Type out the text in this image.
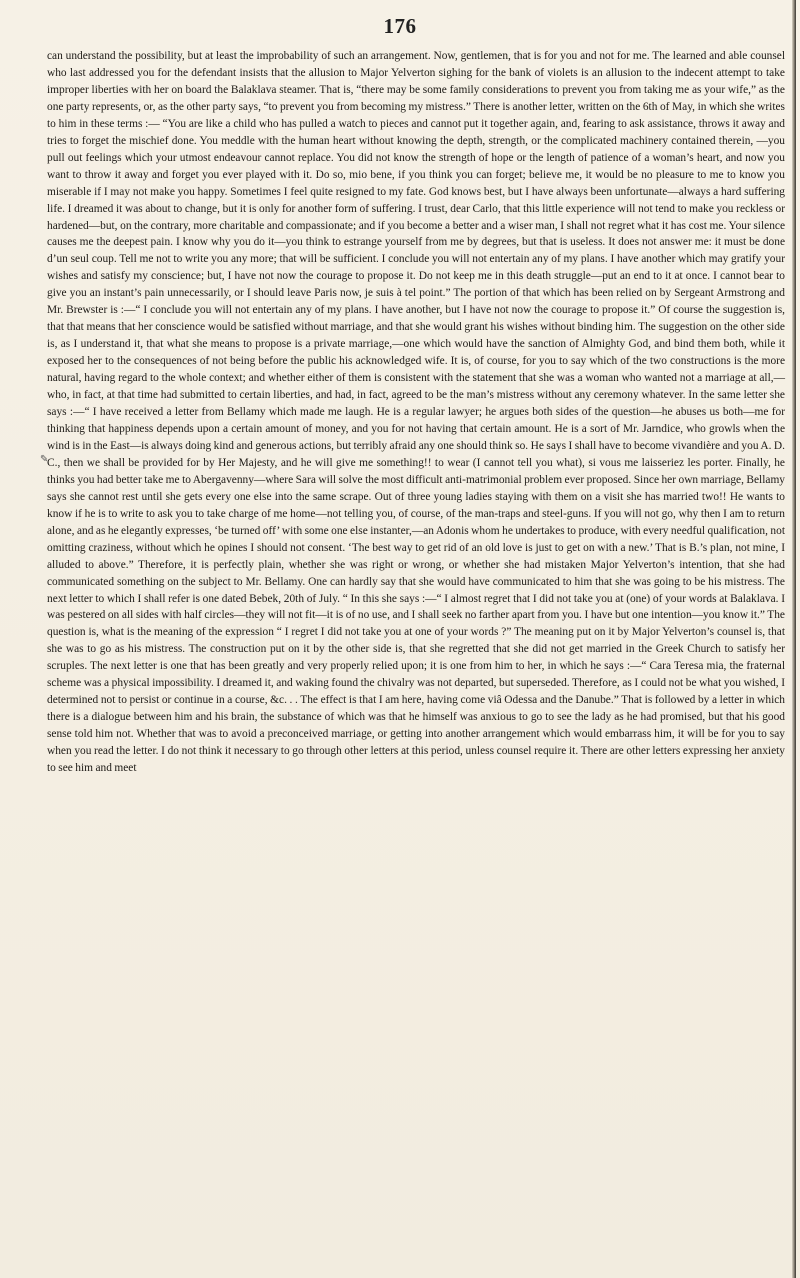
176

can understand the possibility, but at least the improbability of such an arrangement. Now, gentlemen, that is for you and not for me. The learned and able counsel who last addressed you for the defendant insists that the allusion to Major Yelverton sighing for the bank of violets is an allusion to the indecent attempt to take improper liberties with her on board the Balaklava steamer. That is, “there may be some family considerations to prevent you from taking me as your wife,” as the one party represents, or, as the other party says, “to prevent you from becoming my mistress.” There is another letter, written on the 6th of May, in which she writes to him in these terms :— “You are like a child who has pulled a watch to pieces and cannot put it together again, and, fearing to ask assistance, throws it away and tries to forget the mischief done. You meddle with the human heart without knowing the depth, strength, or the complicated machinery contained therein, —you pull out feelings which your utmost endeavour cannot replace. You did not know the strength of hope or the length of patience of a woman’s heart, and now you want to throw it away and forget you ever played with it. Do so, mio bene, if you think you can forget; believe me, it would be no pleasure to me to know you miserable if I may not make you happy. Sometimes I feel quite resigned to my fate. God knows best, but I have always been unfortunate—always a hard suffering life. I dreamed it was about to change, but it is only for another form of suffering. I trust, dear Carlo, that this little experience will not tend to make you reckless or hardened—but, on the contrary, more charitable and compassionate; and if you become a better and a wiser man, I shall not regret what it has cost me. Your silence causes me the deepest pain. I know why you do it—you think to estrange yourself from me by degrees, but that is useless. It does not answer me: it must be done d’un seul coup. Tell me not to write you any more; that will be sufficient. I conclude you will not entertain any of my plans. I have another which may gratify your wishes and satisfy my conscience; but, I have not now the courage to propose it. Do not keep me in this death struggle—put an end to it at once. I cannot bear to give you an instant’s pain unnecessarily, or I should leave Paris now, je suis à tel point.” The portion of that which has been relied on by Sergeant Armstrong and Mr. Brewster is :—“ I conclude you will not entertain any of my plans. I have another, but I have not now the courage to propose it.” Of course the suggestion is, that that means that her conscience would be satisfied without marriage, and that she would grant his wishes without binding him. The suggestion on the other side is, as I understand it, that what she means to propose is a private marriage,—one which would have the sanction of Almighty God, and bind them both, while it exposed her to the consequences of not being before the public his acknowledged wife. It is, of course, for you to say which of the two constructions is the more natural, having regard to the whole context; and whether either of them is consistent with the statement that she was a woman who wanted not a marriage at all,—who, in fact, at that time had submitted to certain liberties, and had, in fact, agreed to be the man’s mistress without any ceremony whatever. In the same letter she says :—“ I have received a letter from Bellamy which made me laugh. He is a regular lawyer; he argues both sides of the question—he abuses us both—me for thinking that happiness depends upon a certain amount of money, and you for not having that certain amount. He is a sort of Mr. Jarndice, who growls when the wind is in the East—is always doing kind and generous actions, but terribly afraid any one should think so. He says I shall have to become vivandière and you A. D. C., then we shall be provided for by Her Majesty, and he will give me something!! to wear (I cannot tell you what), si vous me laisseriez les porter. Finally, he thinks you had better take me to Abergavenny—where Sara will solve the most difficult anti-matrimonial problem ever proposed. Since her own marriage, Bellamy says she cannot rest until she gets every one else into the same scrape. Out of three young ladies staying with them on a visit she has married two!! He wants to know if he is to write to ask you to take charge of me home—not telling you, of course, of the man-traps and steel-guns. If you will not go, why then I am to return alone, and as he elegantly expresses, ‘be turned off’ with some one else instanter,—an Adonis whom he undertakes to produce, with every needful qualification, not omitting craziness, without which he opines I should not consent. ‘The best way to get rid of an old love is just to get on with a new.’ That is B.’s plan, not mine, I alluded to above.” Therefore, it is perfectly plain, whether she was right or wrong, or whether she had mistaken Major Yelverton’s intention, that she had communicated something on the subject to Mr. Bellamy. One can hardly say that she would have communicated to him that she was going to be his mistress. The next letter to which I shall refer is one dated Bebek, 20th of July. “ In this she says :—“ I almost regret that I did not take you at (one) of your words at Balaklava. I was pestered on all sides with half circles—they will not fit—it is of no use, and I shall seek no farther apart from you. I have but one intention—you know it.” The question is, what is the meaning of the expression “ I regret I did not take you at one of your words ?” The meaning put on it by Major Yelverton’s counsel is, that she was to go as his mistress. The construction put on it by the other side is, that she regretted that she did not get married in the Greek Church to satisfy her scruples. The next letter is one that has been greatly and very properly relied upon; it is one from him to her, in which he says :—“ Cara Teresa mia, the fraternal scheme was a physical impossibility. I dreamed it, and waking found the chivalry was not departed, but superseded. Therefore, as I could not be what you wished, I determined not to persist or continue in a course, &c. . . The effect is that I am here, having come viâ Odessa and the Danube.” That is followed by a letter in which there is a dialogue between him and his brain, the substance of which was that he himself was anxious to go to see the lady as he had promised, but that his good sense told him not. Whether that was to avoid a preconceived marriage, or getting into another arrangement which would embarrass him, it will be for you to say when you read the letter. I do not think it necessary to go through other letters at this period, unless counsel require it. There are other letters expressing her anxiety to see him and meet

✎
